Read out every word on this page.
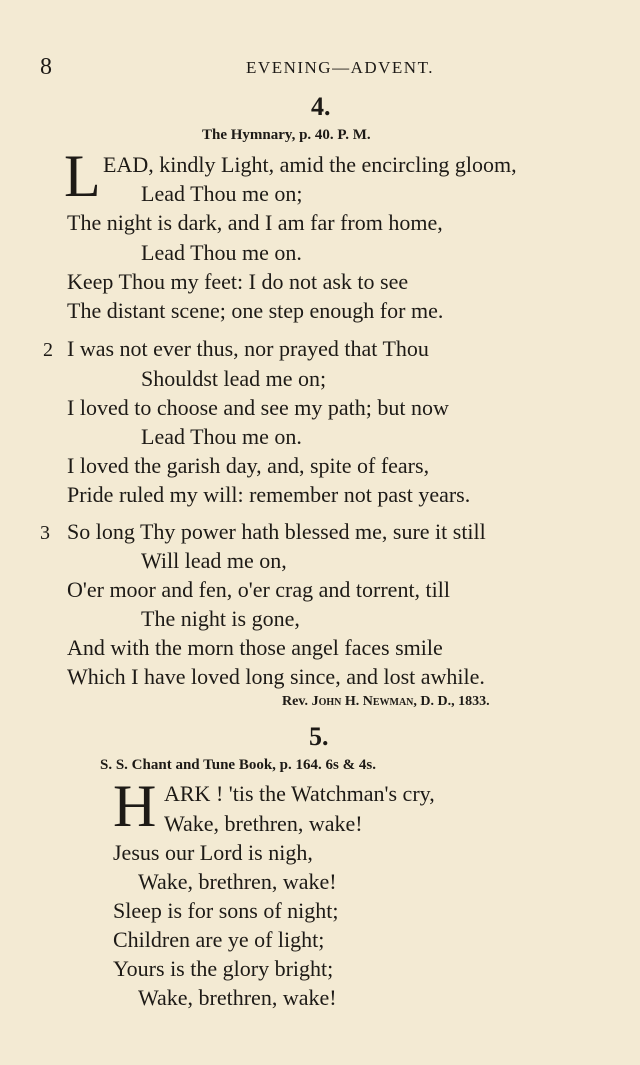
8	EVENING—ADVENT.
4.
The Hymnary, p. 40. P. M.
L EAD, kindly Light, amid the encircling gloom,
Lead Thou me on;
The night is dark, and I am far from home,
Lead Thou me on.
Keep Thou my feet: I do not ask to see
The distant scene; one step enough for me.
2 I was not ever thus, nor prayed that Thou
Shouldst lead me on;
I loved to choose and see my path; but now
Lead Thou me on.
I loved the garish day, and, spite of fears,
Pride ruled my will: remember not past years.
3 So long Thy power hath blessed me, sure it still
Will lead me on,
O'er moor and fen, o'er crag and torrent, till
The night is gone,
And with the morn those angel faces smile
Which I have loved long since, and lost awhile.
Rev. John H. Newman, D. D., 1833.
5.
S. S. Chant and Tune Book, p. 164. 6s & 4s.
H ARK ! 'tis the Watchman's cry,
Wake, brethren, wake!
Jesus our Lord is nigh,
Wake, brethren, wake!
Sleep is for sons of night;
Children are ye of light;
Yours is the glory bright;
Wake, brethren, wake!
